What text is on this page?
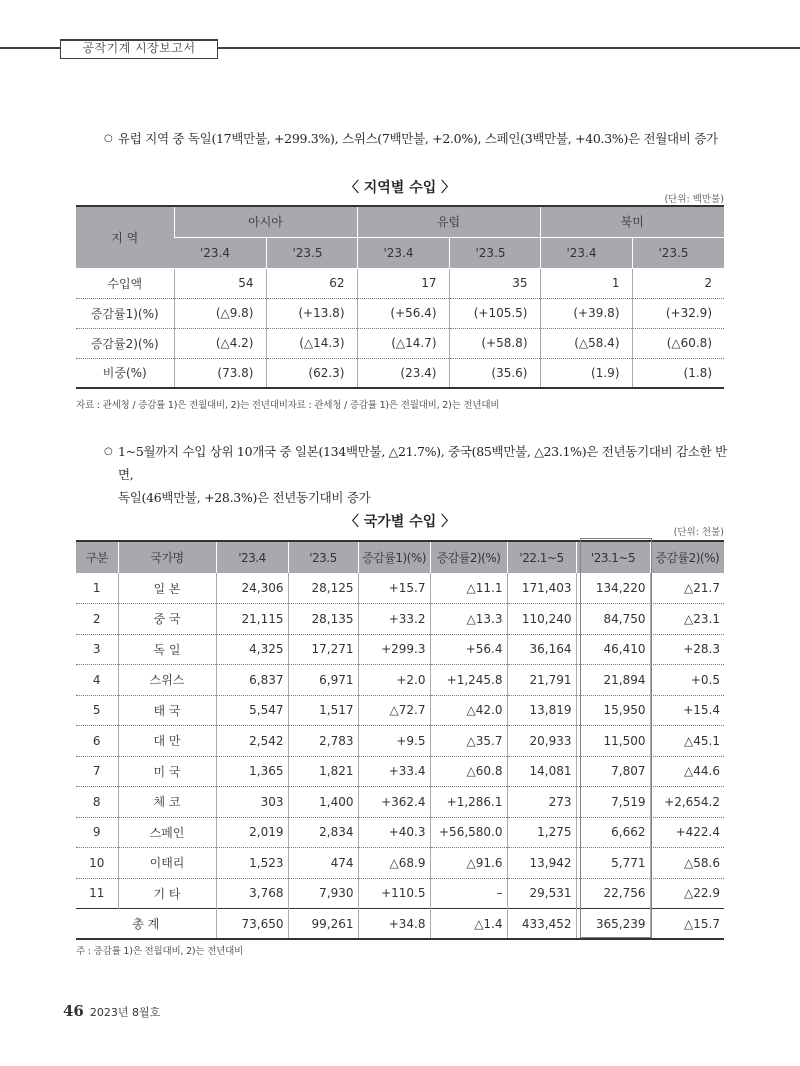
공작기계 시장보고서
○ 유럽 지역 중 독일(17백만불, +299.3%), 스위스(7백만불, +2.0%), 스페인(3백만불, +40.3%)은 전월대비 증가
〈 지역별 수입 〉
(단위: 백만불)
지 역	아시아		유럽		북미	
	'23.4	'23.5	'23.4	'23.5	'23.4	'23.5
수입액	54	62	17	35	1	2
증감률1)(%)	(△9.8)	(+13.8)	(+56.4)	(+105.5)	(+39.8)	(+32.9)
증감률2)(%)	(△4.2)	(△14.3)	(△14.7)	(+58.8)	(△58.4)	(△60.8)
비중(%)	(73.8)	(62.3)	(23.4)	(35.6)	(1.9)	(1.8)
자료 : 관세청 / 증감률 1)은 전월대비, 2)는 전년대비자료 : 관세청 / 증감률 1)은 전월대비, 2)는 전년대비
○ 1~5월까지 수입 상위 10개국 중 일본(134백만불, △21.7%), 중국(85백만불, △23.1%)은 전년동기대비 감소한 반면,
독일(46백만불, +28.3%)은 전년동기대비 증가
〈 국가별 수입 〉
(단위: 천불)
구분	국가명	'23.4	'23.5	증감률1)(%)	증감률2)(%)	'22.1~5	'23.1~5	증감률2)(%)
1	일 본	24,306	28,125	+15.7	△11.1	171,403	134,220	△21.7
2	중 국	21,115	28,135	+33.2	△13.3	110,240	84,750	△23.1
3	독 일	4,325	17,271	+299.3	+56.4	36,164	46,410	+28.3
4	스위스	6,837	6,971	+2.0	+1,245.8	21,791	21,894	+0.5
5	태 국	5,547	1,517	△72.7	△42.0	13,819	15,950	+15.4
6	대 만	2,542	2,783	+9.5	△35.7	20,933	11,500	△45.1
7	미 국	1,365	1,821	+33.4	△60.8	14,081	7,807	△44.6
8	체 코	303	1,400	+362.4	+1,286.1	273	7,519	+2,654.2
9	스페인	2,019	2,834	+40.3	+56,580.0	1,275	6,662	+422.4
10	이태리	1,523	474	△68.9	△91.6	13,942	5,771	△58.6
11	기 타	3,768	7,930	+110.5	–	29,531	22,756	△22.9
총 계		73,650	99,261	+34.8	△1.4	433,452	365,239	△15.7
주 : 증감률 1)은 전월대비, 2)는 전년대비
46 2023년 8월호
